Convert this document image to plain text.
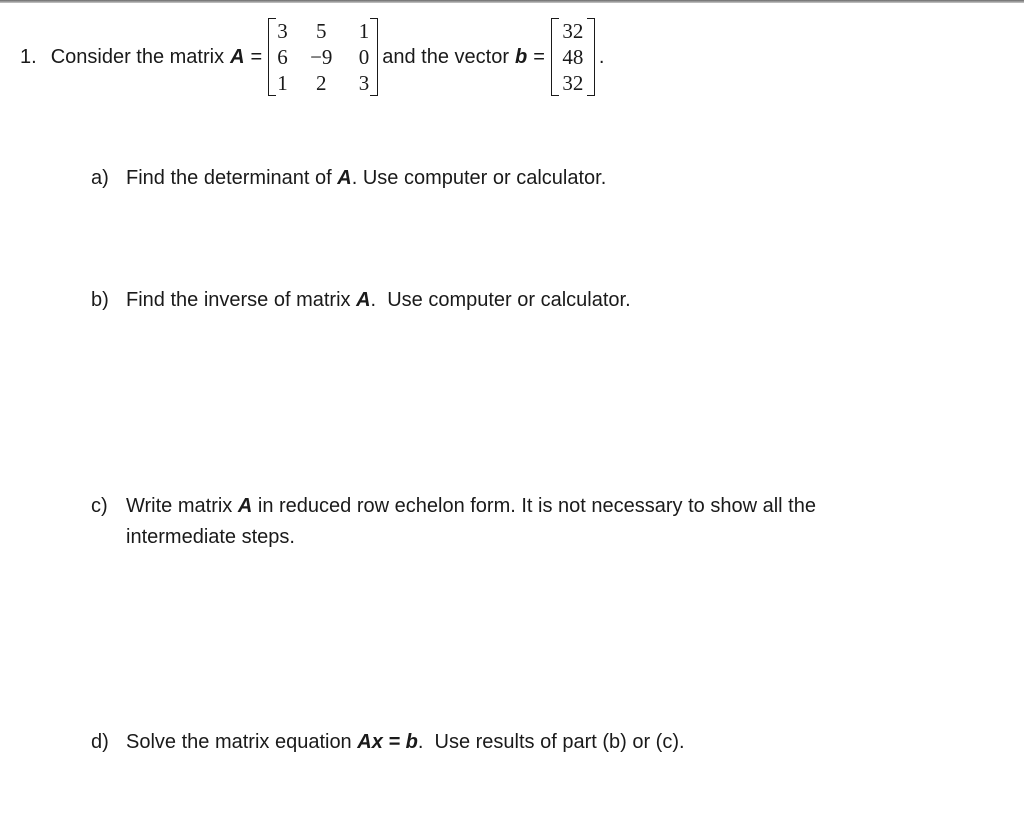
1. Consider the matrix A =
3	5	1
6	−9	0
1	2	3
and the vector b =
32
48
32
.
a) Find the determinant of A. Use computer or calculator.
b) Find the inverse of matrix A.  Use computer or calculator.
c) Write matrix A in reduced row echelon form. It is not necessary to show all the intermediate steps.
d) Solve the matrix equation Ax = b.  Use results of part (b) or (c).
